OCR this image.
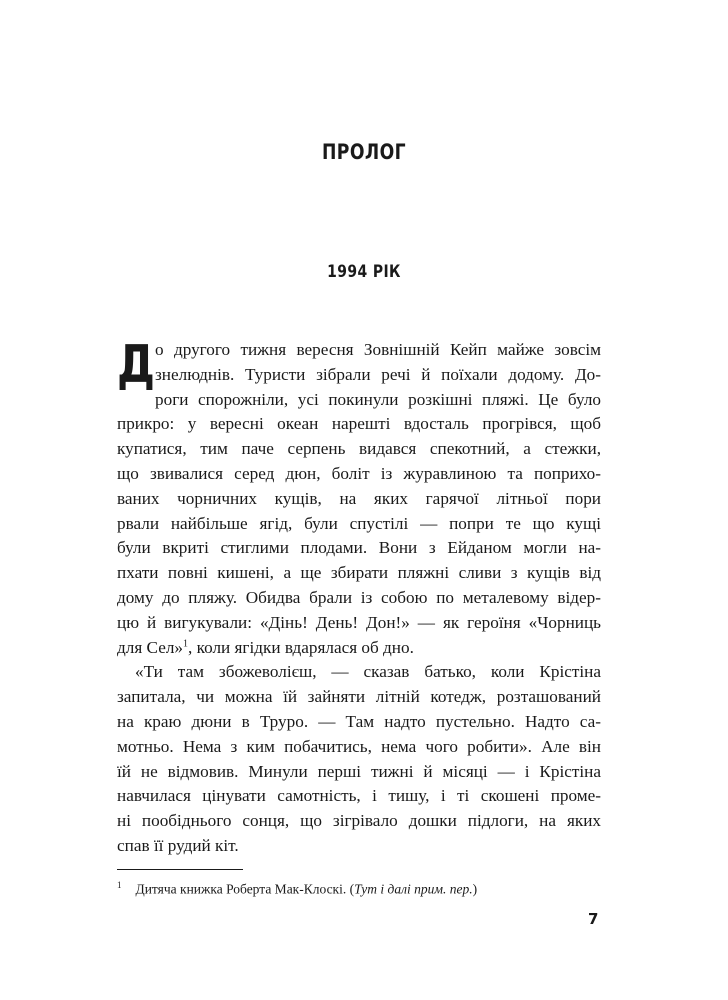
ПРОЛОГ
1994 РІК
Д о другого тижня вересня Зовнішній Кейп майже зовсім
знелюднів. Туристи зібрали речі й поїхали додому. До-
роги спорожніли, усі покинули розкішні пляжі. Це було
прикро: у вересні океан нарешті вдосталь прогрівся, щоб
купатися, тим паче серпень видався спекотний, а стежки,
що звивалися серед дюн, боліт із журавлиною та поприхо-
ваних чорничних кущів, на яких гарячої літньої пори
рвали найбільше ягід, були спустілі — попри те що кущі
були вкриті стиглими плодами. Вони з Ейданом могли на-
пхати повні кишені, а ще збирати пляжні сливи з кущів від
дому до пляжу. Обидва брали із собою по металевому відер-
цю й вигукували: «Дінь! День! Дон!» — як героїня «Чорниць
для Сел»$^1$, коли ягідки вдарялася об дно.
«Ти там збожеволієш, — сказав батько, коли Крістіна
запитала, чи можна їй зайняти літній котедж, розташований
на краю дюни в Труро. — Там надто пустельно. Надто са-
мотньо. Нема з ким побачитись, нема чого робити». Але він
їй не відмовив. Минули перші тижні й місяці — і Крістіна
навчилася цінувати самотність, і тишу, і ті скошені проме-
ні пообіднього сонця, що зігрівало дошки підлоги, на яких
спав її рудий кіт.
$^1$ Дитяча книжка Роберта Мак-Клоскі. (Тут і далі прим. пер.)
7
